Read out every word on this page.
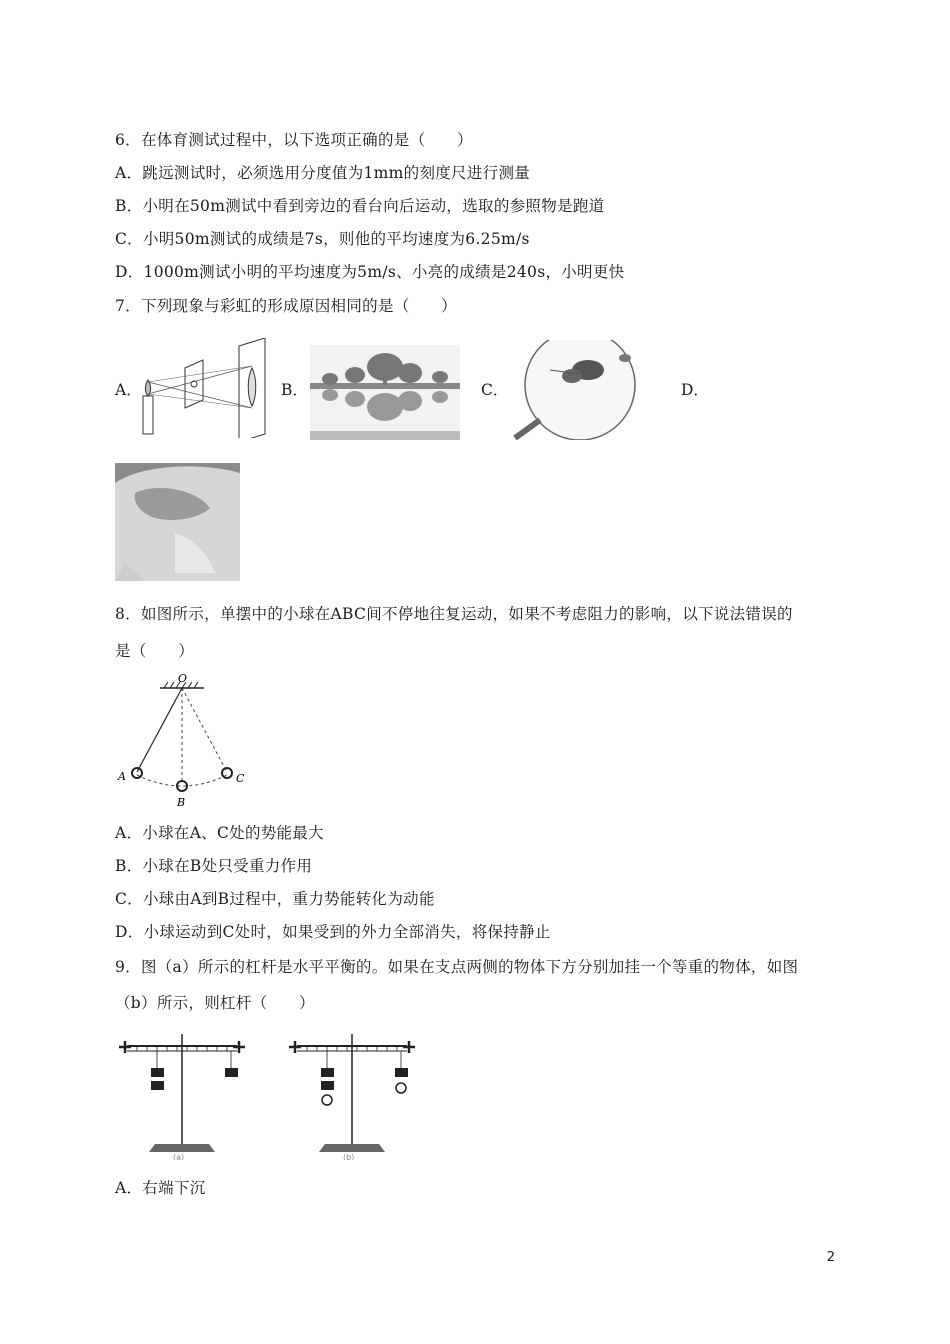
6．在体育测试过程中，以下选项正确的是（　　）
A．跳远测试时，必须选用分度值为1mm的刻度尺进行测量
B．小明在50m测试中看到旁边的看台向后运动，选取的参照物是跑道
C．小明50m测试的成绩是7s，则他的平均速度为6.25m/s
D．1000m测试小明的平均速度为5m/s、小亮的成绩是240s，小明更快
7．下列现象与彩虹的形成原因相同的是（　　）
A．	B．	C．	D．
8．如图所示，单摆中的小球在ABC间不停地往复运动，如果不考虑阻力的影响，以下说法错误的
是（　　）
O
A
B
C
A．小球在A、C处的势能最大
B．小球在B处只受重力作用
C．小球由A到B过程中，重力势能转化为动能
D．小球运动到C处时，如果受到的外力全部消失，将保持静止
9．图（a）所示的杠杆是水平平衡的。如果在支点两侧的物体下方分别加挂一个等重的物体，如图
（b）所示，则杠杆（　　）
(a)	(b)
A．右端下沉
2
